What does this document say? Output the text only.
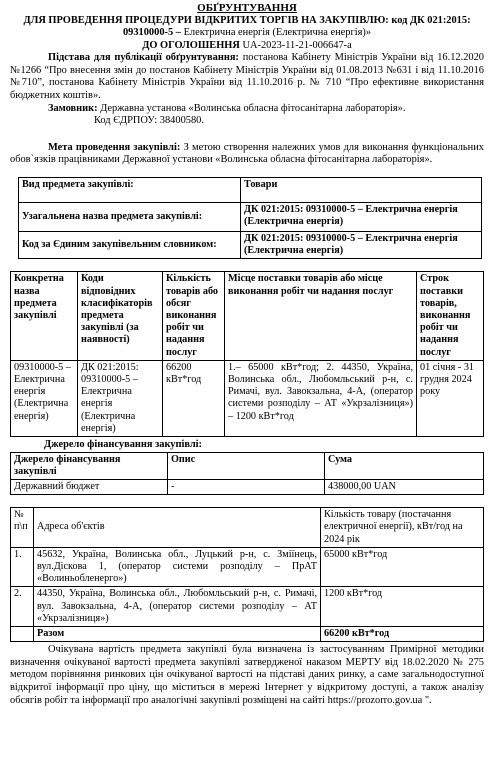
ОБҐРУНТУВАННЯ

ДЛЯ ПРОВЕДЕННЯ ПРОЦЕДУРИ ВІДКРИТИХ ТОРГІВ НА ЗАКУПІВЛЮ: код ДК 021:2015: 09310000-5 – Електрична енергія (Електрична енергія)»
ДО ОГОЛОШЕННЯ UA-2023-11-21-006647-a

Підстава для публікації обґрунтування: постанова Кабінету Міністрів України від 16.12.2020 №1266 “Про внесення змін до постанов Кабінету Міністрів України від 01.08.2013 №631 і від 11.10.2016 №710”, постанова Кабінету Міністрів України від 11.10.2016 р. № 710 “Про ефективне використання бюджетних коштів».

Замовник: Державна установа «Волинська обласна фітосанітарна лабораторія».

Код ЄДРПОУ: 38400580.

Мета проведення закупівлі: З метою створення належних умов для виконання функціональних обов`язків працівниками Державної установи «Волинська обласна фітосанітарна лабораторія».

Вид предмета закупівлі:	Товари
Узагальнена назва предмета закупівлі:	ДК 021:2015: 09310000-5 – Електрична енергія (Електрична енергія)
Код за Єдиним закупівельним словником:	ДК 021:2015: 09310000-5 – Електрична енергія (Електрична енергія)
Конкретна назва предмета закупівлі	Коди відповідних класифікаторів предмета закупівлі (за наявності)	Кількість товарів або обсяг виконання робіт чи надання послуг	Місце поставки товарів або місце виконання робіт чи надання послуг	Строк поставки товарів, виконання робіт чи надання послуг
09310000-5 – Електрична енергія (Електрична енергія)	ДК 021:2015: 09310000-5 – Електрична енергія (Електрична енергія)	66200 кВт*год	1.– 65000 кВт*год; 2. 44350, Україна, Волинська обл., Любомльський р-н, с. Римачі, вул. Завокзальна, 4-А, (оператор системи розподілу – АТ «Укрзалізниця») – 1200 кВт*год	01 січня - 31 грудня 2024 року

Джерело фінансування закупівлі:

Джерело фінансування закупівлі	Опис	Сума
Державний бюджет	-	438000,00 UAN
№ п\п	Адреса об'єктів	Кількість товару (постачання електричної енергії), кВт/год на 2024 рік
1.	45632, Україна, Волинська обл., Луцький р-н, с. Зміїнець, вул.Діскова 1, (оператор системи розподілу – ПрАТ «Волиньобленерго»)	65000 кВт*год
2.	44350, Україна, Волинська обл., Любомльський р-н, с. Римачі, вул. Завокзальна, 4-А, (оператор системи розподілу – АТ «Укрзалізниця»)	1200 кВт*год
	Разом	66200 кВт*год

Очікувана вартість предмета закупівлі була визначена із застосуванням Примірної методики визначення очікуваної вартості предмета закупівлі затвердженої наказом МЕРТУ від 18.02.2020 № 275 методом порівняння ринкових цін очікуваної вартості на підставі даних ринку, а саме загальнодоступної відкритої інформації про ціну, що міститься в мережі Інтернет у відкритому доступі, а також аналізу обсягів робіт та інформації про аналогічні закупівлі розміщені на сайті https://prozorro.gov.ua ".
